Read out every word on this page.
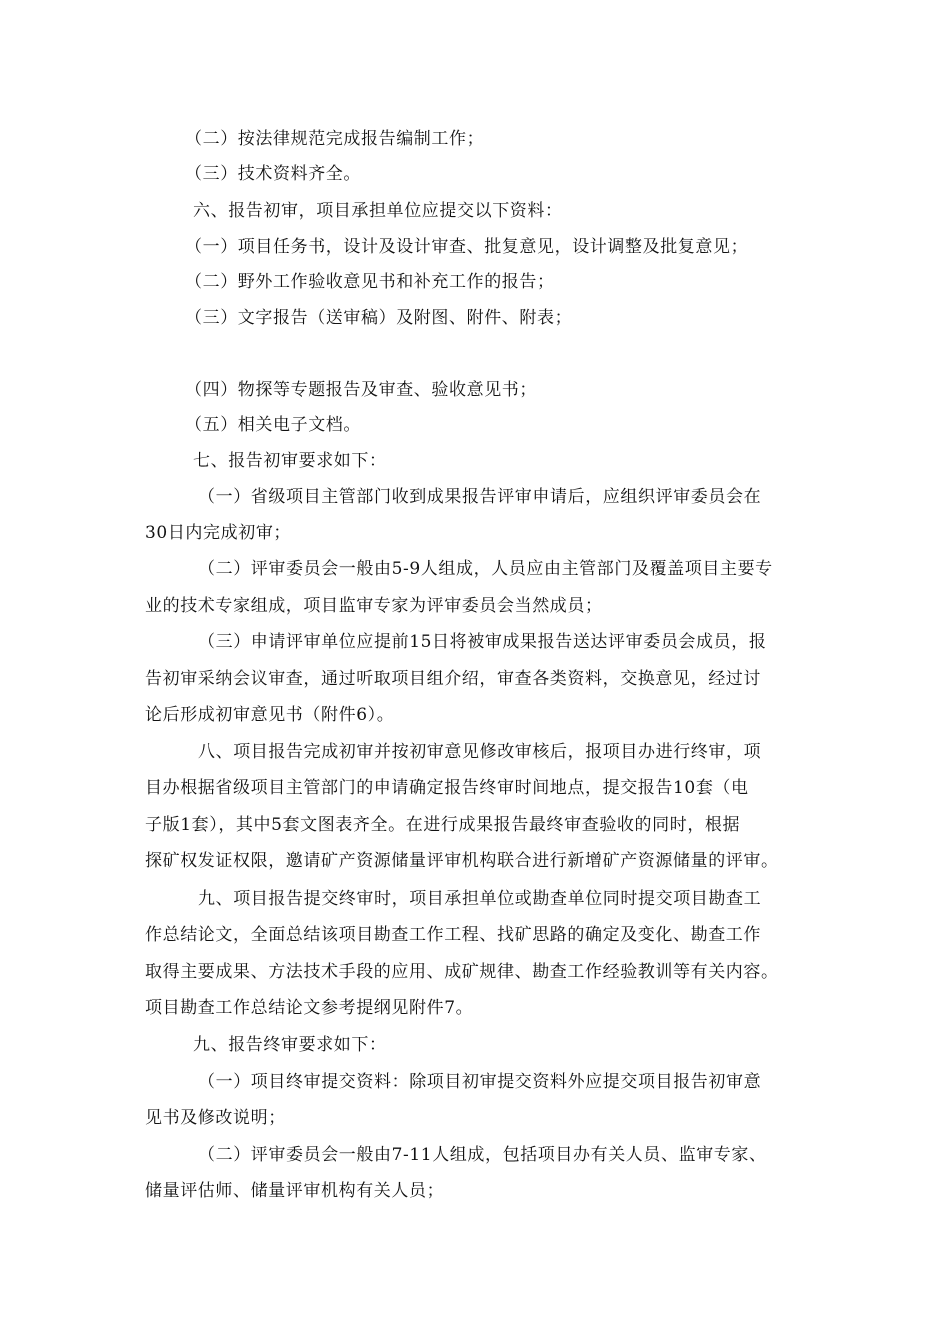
（二）按法律规范完成报告编制工作；
（三）技术资料齐全。
六、报告初审，项目承担单位应提交以下资料：
（一）项目任务书，设计及设计审查、批复意见，设计调整及批复意见；
（二）野外工作验收意见书和补充工作的报告；
（三）文字报告（送审稿）及附图、附件、附表；
（四）物探等专题报告及审查、验收意见书；
（五）相关电子文档。
七、报告初审要求如下：
（一）省级项目主管部门收到成果报告评审申请后，应组织评审委员会在
30日内完成初审；
（二）评审委员会一般由5-9人组成，人员应由主管部门及覆盖项目主要专
业的技术专家组成，项目监审专家为评审委员会当然成员；
（三）申请评审单位应提前15日将被审成果报告送达评审委员会成员，报
告初审采纳会议审查，通过听取项目组介绍，审查各类资料，交换意见，经过讨
论后形成初审意见书（附件6）。
八、项目报告完成初审并按初审意见修改审核后，报项目办进行终审，项
目办根据省级项目主管部门的申请确定报告终审时间地点，提交报告10套（电
子版1套），其中5套文图表齐全。在进行成果报告最终审查验收的同时，根据
探矿权发证权限，邀请矿产资源储量评审机构联合进行新增矿产资源储量的评审。
九、项目报告提交终审时，项目承担单位或勘查单位同时提交项目勘查工
作总结论文，全面总结该项目勘查工作工程、找矿思路的确定及变化、勘查工作
取得主要成果、方法技术手段的应用、成矿规律、勘查工作经验教训等有关内容。
项目勘查工作总结论文参考提纲见附件7。
九、报告终审要求如下：
（一）项目终审提交资料：除项目初审提交资料外应提交项目报告初审意
见书及修改说明；
（二）评审委员会一般由7-11人组成，包括项目办有关人员、监审专家、
储量评估师、储量评审机构有关人员；
